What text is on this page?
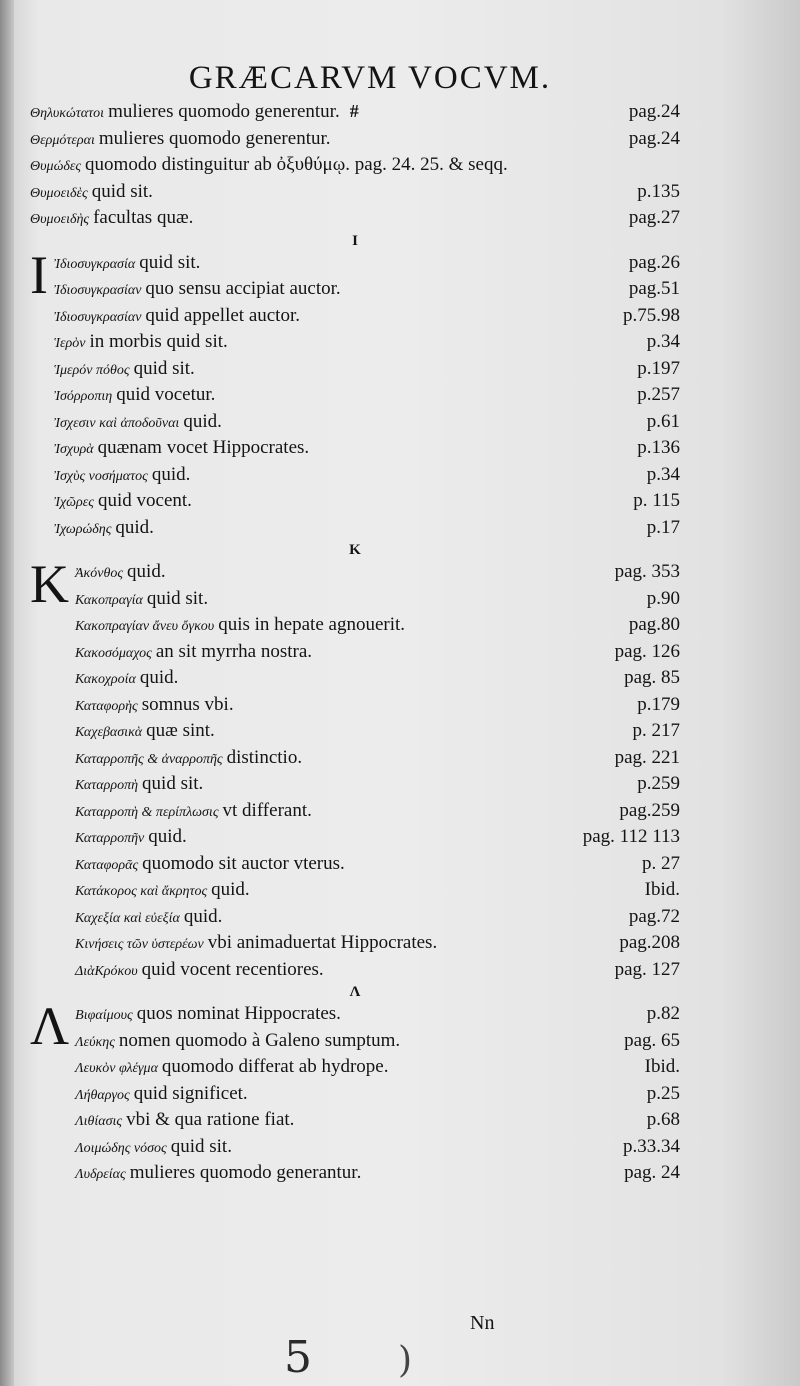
GRÆCARVM VOCVM.
Θηλυκώτατοι mulieres quomodo generentur. #	pag.24
Θερμότεραι mulieres quomodo generentur.	pag.24
Θυμώδες quomodo distinguitur ab ὀξυθύμῳ. pag. 24. 25. & seqq.
Θυμοειδὲς quid sit.	p.135
Θυμοειδὴς facultas quæ.	pag.27
I
I Ἰδιοσυγκρασία quid sit.	pag.26
Ἰδιοσυγκρασίαν quo sensu accipiat auctor.	pag.51
Ἰδιοσυγκρασίαν quid appellet auctor.	p.75.98
Ἱερὸν in morbis quid sit.	p.34
Ἱμερόν πόθος quid sit.	p.197
Ἰσόρροπιη quid vocetur.	p.257
Ἰσχεσιν καὶ ἀποδοῦναι quid.	p.61
Ἰσχυρὰ quænam vocet Hippocrates.	p.136
Ἰσχὺς νοσήματος quid.	p.34
Ἰχῶρες quid vocent.	p. 115
Ἰχωρώδης quid.	p.17
K
K Ἀκόνθος quid.	pag. 353
Κακοπραγία quid sit.	p.90
Κακοπραγίαν ἄνευ ὄγκου quis in hepate agnouerit.	pag.80
Κακοσόμαχος an sit myrrha nostra.	pag. 126
Κακοχροία quid.	pag. 85
Καταφορὴς somnus vbi.	p.179
Καχεβασικὰ quæ sint.	p. 217
Καταρροπῆς & ἀναρροπῆς distinctio.	pag. 221
Καταρροπὴ quid sit.	p.259
Καταρροπὴ & περίπλωσις vt differant.	pag.259
Καταρροπῆν quid.	pag. 112 113
Καταφορᾶς quomodo sit auctor vterus.	p. 27
Κατάκορος καὶ ἄκρητος quid.	Ibid.
Καχεξία καὶ εὐεξία quid.	pag.72
Κινήσεις τῶν ὑστερέων vbi animaduertat Hippocrates.	pag.208
ΔιὰΚρόκου quid vocent recentiores.	pag. 127
Λ
Λ Βιφαίμους quos nominat Hippocrates.	p.82
Λεύκης nomen quomodo à Galeno sumptum.	pag. 65
Λευκὸν φλέγμα quomodo differat ab hydrope.	Ibid.
Λήθαργος quid significet.	p.25
Λιθίασις vbi & qua ratione fiat.	p.68
Λοιμώδης νόσος quid sit.	p.33.34
Λυδρείας mulieres quomodo generantur.	pag. 24
Nn
5 )
